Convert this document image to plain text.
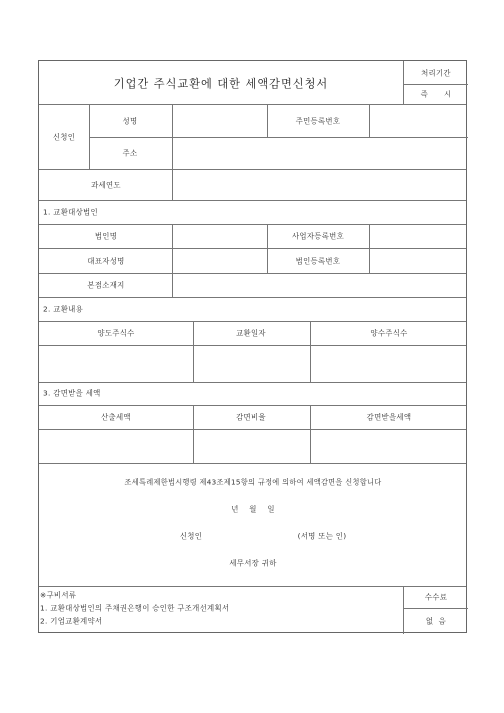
기업간 주식교환에 대한 세액감면신청서
처리기간
즉      시
신청인
성명	주민등록번호
주소
과세연도
1. 교환대상법인
법인명	사업자등록번호
대표자성명	법인등록번호
본점소재지
2. 교환내용
양도주식수	교환일자	양수주식수
3. 감면받을 세액
산출세액	감면비율	감면받을세액
조세특례제한법시행령 제43조제15항의 규정에 의하여 세액감면을 신청합니다
년    월    일
신청인	(서명 또는 인)
세무서장 귀하
※구비서류
1. 교환대상법인의 주채권은행이 승인한 구조개선계획서
2. 기업교환계약서
수수료
없  음
